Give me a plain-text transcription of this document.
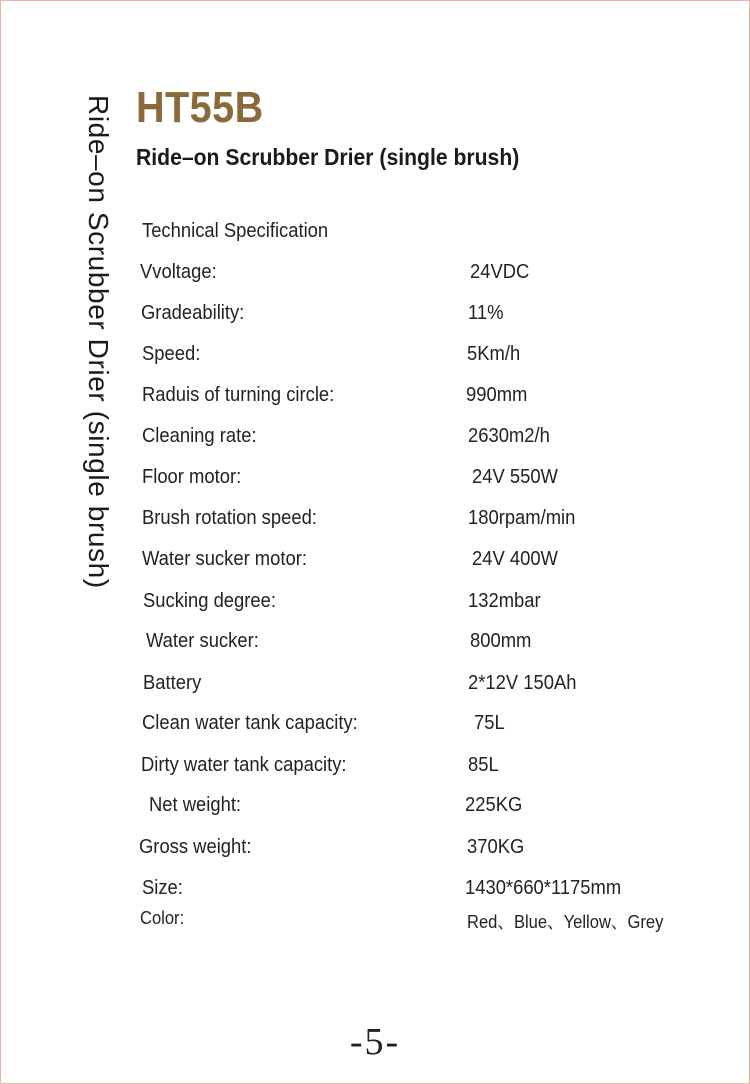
Ride–on Scrubber Drier (single brush) HT55B
Ride–on Scrubber Drier (single brush)
Technical Specification
Vvoltage:	24VDC
Gradeability:	11%
Speed:	5Km/h
Raduis of turning circle:	990mm
Cleaning rate:	2630m2/h
Floor motor:	24V 550W
Brush rotation speed:	180rpam/min
Water sucker motor:	24V 400W
Sucking degree:	132mbar
Water sucker:	800mm
Battery	2*12V 150Ah
Clean water tank capacity:	75L
Dirty water tank capacity:	85L
Net weight:	225KG
Gross weight:	370KG
Size:	1430*660*1175mm
Color:	Red、Blue、Yellow、Grey
-5-
